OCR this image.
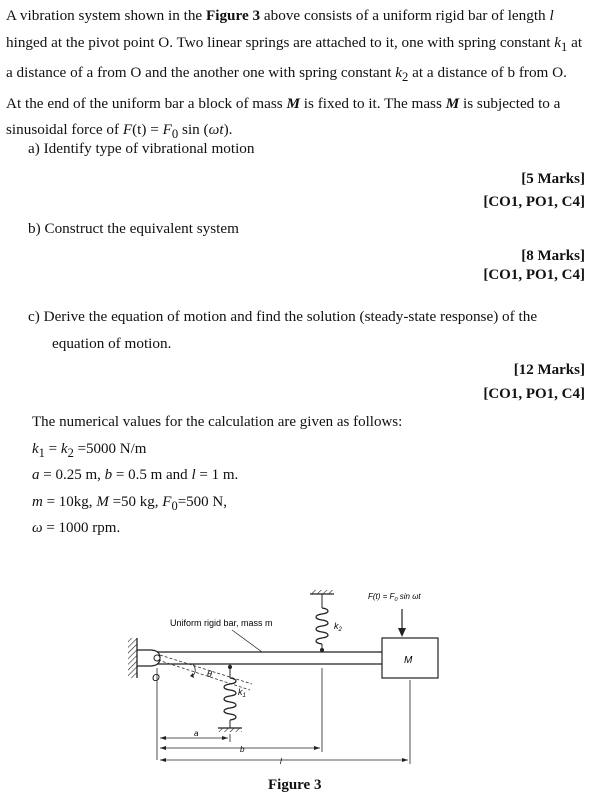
A vibration system shown in the Figure 3 above consists of a uniform rigid bar of length l
hinged at the pivot point O. Two linear springs are attached to it, one with spring constant $k_1$ at
a distance of a from O and the another one with spring constant $k_2$ at a distance of b from O.
At the end of the uniform bar a block of mass M is fixed to it. The mass M is subjected to a
sinusoidal force of $F(t) = F_0$ sin (ωt).
a) Identify type of vibrational motion
[5 Marks]
[CO1, PO1, C4]
b) Construct the equivalent system
[8 Marks]
[CO1, PO1, C4]
c) Derive the equation of motion and find the solution (steady-state response) of the
equation of motion.
[12 Marks]
[CO1, PO1, C4]
The numerical values for the calculation are given as follows:
$k_1 = k_2 =5000$ N/m
a = 0.25 m, b = 0.5 m and l = 1 m.
m = 10kg, M =50 kg, $F_0=500$ N,
ω = 1000 rpm.
θ
$k_1$
$k_2$
M
$F(t) = F_0$ sin ωt
Uniform rigid bar, mass m
O
a
b
l
Figure 3
